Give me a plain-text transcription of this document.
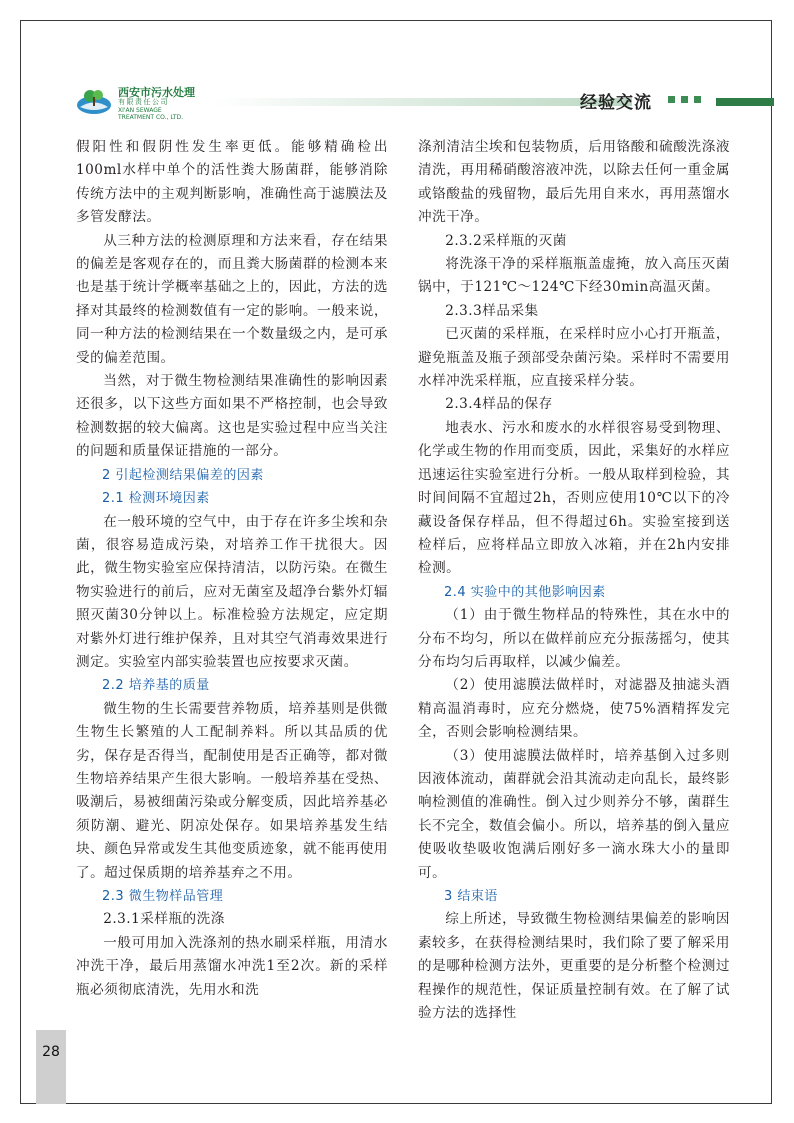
西安市污水处理
有限责任公司
XI'AN SEWAGE
TREATMENT CO., LTD.
经验交流

假阳性和假阴性发生率更低。能够精确检出100ml水样中单个的活性粪大肠菌群，能够消除传统方法中的主观判断影响，准确性高于滤膜法及多管发酵法。

从三种方法的检测原理和方法来看，存在结果的偏差是客观存在的，而且粪大肠菌群的检测本来也是基于统计学概率基础之上的，因此，方法的选择对其最终的检测数值有一定的影响。一般来说，同一种方法的检测结果在一个数量级之内，是可承受的偏差范围。

当然，对于微生物检测结果准确性的影响因素还很多，以下这些方面如果不严格控制，也会导致检测数据的较大偏离。这也是实验过程中应当关注的问题和质量保证措施的一部分。

2 引起检测结果偏差的因素

2.1 检测环境因素

在一般环境的空气中，由于存在许多尘埃和杂菌，很容易造成污染，对培养工作干扰很大。因此，微生物实验室应保持清洁，以防污染。在微生物实验进行的前后，应对无菌室及超净台紫外灯辐照灭菌30分钟以上。标准检验方法规定，应定期对紫外灯进行维护保养，且对其空气消毒效果进行测定。实验室内部实验装置也应按要求灭菌。

2.2 培养基的质量

微生物的生长需要营养物质，培养基则是供微生物生长繁殖的人工配制养料。所以其品质的优劣，保存是否得当，配制使用是否正确等，都对微生物培养结果产生很大影响。一般培养基在受热、吸潮后，易被细菌污染或分解变质，因此培养基必须防潮、避光、阴凉处保存。如果培养基发生结块、颜色异常或发生其他变质迹象，就不能再使用了。超过保质期的培养基弃之不用。

2.3 微生物样品管理

2.3.1采样瓶的洗涤

一般可用加入洗涤剂的热水刷采样瓶，用清水冲洗干净，最后用蒸馏水冲洗1至2次。新的采样瓶必须彻底清洗，先用水和洗

涤剂清洁尘埃和包装物质，后用铬酸和硫酸洗涤液清洗，再用稀硝酸溶液冲洗，以除去任何一重金属或铬酸盐的残留物，最后先用自来水，再用蒸馏水冲洗干净。

2.3.2采样瓶的灭菌

将洗涤干净的采样瓶瓶盖虚掩，放入高压灭菌锅中，于121℃～124℃下经30min高温灭菌。

2.3.3样品采集

已灭菌的采样瓶，在采样时应小心打开瓶盖，避免瓶盖及瓶子颈部受杂菌污染。采样时不需要用水样冲洗采样瓶，应直接采样分装。

2.3.4样品的保存

地表水、污水和废水的水样很容易受到物理、化学或生物的作用而变质，因此，采集好的水样应迅速运往实验室进行分析。一般从取样到检验，其时间间隔不宜超过2h，否则应使用10℃以下的冷藏设备保存样品，但不得超过6h。实验室接到送检样后，应将样品立即放入冰箱，并在2h内安排检测。

2.4 实验中的其他影响因素

（1）由于微生物样品的特殊性，其在水中的分布不均匀，所以在做样前应充分振荡摇匀，使其分布均匀后再取样，以减少偏差。

（2）使用滤膜法做样时，对滤器及抽滤头酒精高温消毒时，应充分燃烧，使75%酒精挥发完全，否则会影响检测结果。

（3）使用滤膜法做样时，培养基倒入过多则因液体流动，菌群就会沿其流动走向乱长，最终影响检测值的准确性。倒入过少则养分不够，菌群生长不完全，数值会偏小。所以，培养基的倒入量应使吸收垫吸收饱满后刚好多一滴水珠大小的量即可。

3 结束语

综上所述，导致微生物检测结果偏差的影响因素较多，在获得检测结果时，我们除了要了解采用的是哪种检测方法外，更重要的是分析整个检测过程操作的规范性，保证质量控制有效。在了解了试验方法的选择性

28
